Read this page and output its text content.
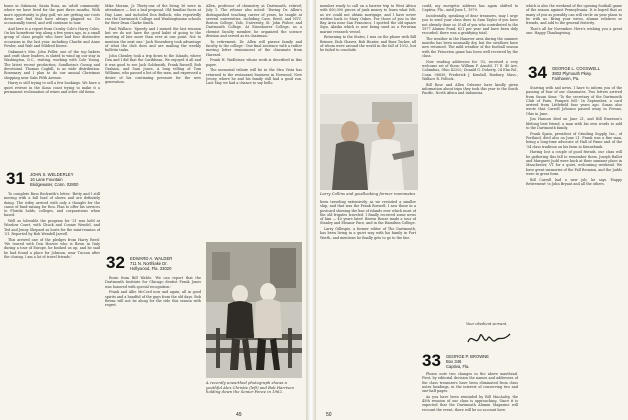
home in Oakmont, Santa Rosa, an 'adult community' where we have lived for the past three months. With more opportunity to play golf, we are getting our roots down and find that have always plagued us. Do occasionally travel, and will continue to tour.

And here is a report from Crosby Cole's Harry Coles. On his homefront trip along a few years ago, in a small group of class people who have had four distinctive occasions in the last year, including Charlie and Anne Fowler, and Walt and Mildred Keene.

Oakmont's Mrs. John Peller, one of the top bakers and craft show leaders, is slated to wind up our stay in Washington, D.C., visiting, working with Cole Young. The latest recent production, Sondheim's Gossip and devotional. Thomas Coghill, is as wide distribution. Rosemary and I plan to do our annual Christmas shopping near Saks Fifth Avenue.

Harry is still trying to sell a few bookings. We have a quiet retreat in the Kona coast trying to make it a permanent reclamation of wines and other old items.

31 JOHN S. WELDERLEY
16 Lane Fountain
Bridgewater, Conn. 02800

To complete Russ Beckwith's letter: 'Betty and I still moving with a full load of shows and are definitely doing. The wifey arrived with only a thought for the cause of fund-raising for Ron. Plan to offer his services to Florida holds, colleges, and corporations when based.

Well as tolerable the program for '31 was held at Winslow Court, with Chuck and Connie Wendel, and Ted and Jenny Shepard as hosts for the mini-reunion of '31. Reported by Bob Wendell Jarvell.

This arrived one of the pledges from Harry Reed: 'We toured with Don Hoover who is flown in Italy during a tour of Europe, he booked us up, and he said he had found a place for Johnson, near Tucson after the closing. I am a lot of travel friends.'

Mike Mornin, Jr. Thirty-one of the living 36 were in attendance — but a bad proposal. Old familiar faces at Hay Lane, and included Don Bullock, who reportedly ran the Dartmouth College and Washingtonian schools for their Dean Clarke Smith.

Paul Wallace: 'Speedy and I missed the last reunion but we do not have the good habit of going to the meeting of late more than ever at one point. Not to mention the next one.' Jack Rosenberg took advantage of what the club does and are mailing the weekly bulletin tasks.

John Chenley took a trip down to the Islands, where Don and I did that the Caribbean. We enjoyed it all and it was good to see Jack Goldsmith, Frank Russell, Bob Graham, and Sam Jones. A long telling of Tom Williams, who passed a list of the men, and expressed a desire of his continuing pressure for the new generation.

32 EDWARD A. WALDER
711 N. Northlake Dr.
Hollywood, Fla. 33020

Rosie from Bill Waldo: 'We can report that the Dartmouth Institute for Chicago dentist Frank Jones was honored with special recognition.'

Frank and Allie McCord now and again; all in good spirits and a handful of the guys from the old days. Bob Bevan will not be along for the ride this season with regret.

Allen, professor of chemistry at Dartmouth, retired; July 1. The release also noted: 'During Dr. Allen's distinguished teaching career of years, he taught at several universities, including Case, Reed, and NYU. Boston College, Yale, University, St. John Fisher, and Dartmouth College. At Eisenhower College, as a chemist faculty member, he organized the science division and served as its chairman.'

'In retirement, Dr. Allen will pursue family and faculty to the college.' One final sentence with a rather moving letter reminiscent of the classmate from Harvard.

Frank H. Wadleiner, whose work is described in this paper.

The memorial tribute will be in the Stra Vista has returned to the restaurant business in Norwood, New Jersey, where he and his family still had a good run. Last May we had a chance to say hello.

A recently unearthed photograph shows a
youthful Alex Christie (left) and Bob Harrison
holding down the Senior Fence in 1962.
49

member ready to call on a barrier trip to West Africa with 800,000 pieces of junk money to learn what felt, as we could not obtain mortgage, and I have never written back to Mary Oakes. For those of you in the Bay Area near San Francisco, I spotted the old square Sign, Alaska which is now being used as a Peruvian marine research vessel.

Returning to the States, I was on the phone with Bill Brinser, Dick Chavez, Bob Hunter, and Buzz Tucker, all of whom were around the world in the fall of 1932, but he failed to conclude.

Larry Collins and goodlooking former roommates

been traveling extensively, as we revisited a smaller ship, and that was the Frank Boswell. I saw those in a postcard showing the line of islands over which most of the old frigates traveled. I finally received some news of him — 40 years later! Brown Rouse made a tour of Stanley and Eleanor Pace, and in the Hamilton College.

Larry Gillespie, a former editor of The Dartmouth, has been living in a quiet way with his family in Fort Worth, and mentions he finally gets to go to the fair.

could, my energetic address has again shifted to Captiva, Fla., until June 1, 1979.

Incidentally, speaking of dear treasures, may I urge you to send your class dues to Sam Taylor if you have not already done so. If all of you who contributed to the 1977 Alumni Fund, $21 per year and have been duly recorded, there was a gratifying total.

The weather in the Hanover area during the summer months has been unusually dry, but the swallows have now returned. The mild weather of the football season with the Princeton game has been well received by the class.

Now reading addresses for '33, received a very welcome set of them: William F. Arnold, 17 E. 40 Ave, Columbus, Ohio 43202; Donald G. Doherty, 24 Elm Rd., Conn. 06830; Frederick J. Kendall, Roxbury, Mass.; Wallace R. Pollock.

Bill Rose and Allen Osborne have kindly given information about trips they took this year to the South Pacific, North Africa and Indonesia.

Your obedient servant,
33 GEORGE P. BROWNE
Box 346
Captiva, Fla.

Please note two changes in the above masthead. First, by editorial decision the names and addresses of the class treasurers have been eliminated from class notes headings, in the interest of conserving two and one-half pages.

As you have been reminded by Bill MacAuley, the 45th reunion of our class is approaching. Since it is expected that the Dartmouth Alumni Magazine will recount the event, there will be no account here.

which is also the weekend of the opening football game of the season against Pennsylvania. It is hoped that as many of you as possibly can will circle on your plans to be with us. Bring your wives, alumni relatives or friends, and add to the general festivity.

That's all for November. Here's wishing you a great one. Happy Thanksgiving.

34 GEORGE L. COGSWELL
3802 Plymouth Pkwy.
Fairhaven, Pa.

Starting with sad news, I have to inform you of the passing of four of our classmates. Two letters arrived from Susan Sims: 'To the secretary of the Dartmouth Club of Paris, Pompeii fell.' In September, a card arrived from Littlefield four years ago. Susan also wrote that Carroll Johnson passed away in Fresno, Ohio in June.

Jim Hanson died on June 21, and Bill Emerson's lifelong best friend, a man with his own words to add to the Dartmouth family.

Frank Spain, president of Grinding Supply, Inc., of Portland, died also on June 21. Frank was a fine man, being a long-time advocate of Hall of Fame and of the '34 class tradition on his farm in Kennebunk.

Having lost a couple of good friends, our class will be gathering this fall to remember them. Joseph Ballot and Margaret Judd were back at their summer place in Manchester, VT for a quiet, welcoming weekend. We have great memories of the Fall Reunion, and the Judds were in great form.

Bill Carroll had a new job; he says 'Happy Retirement' to John Bryant and all the others.

50
